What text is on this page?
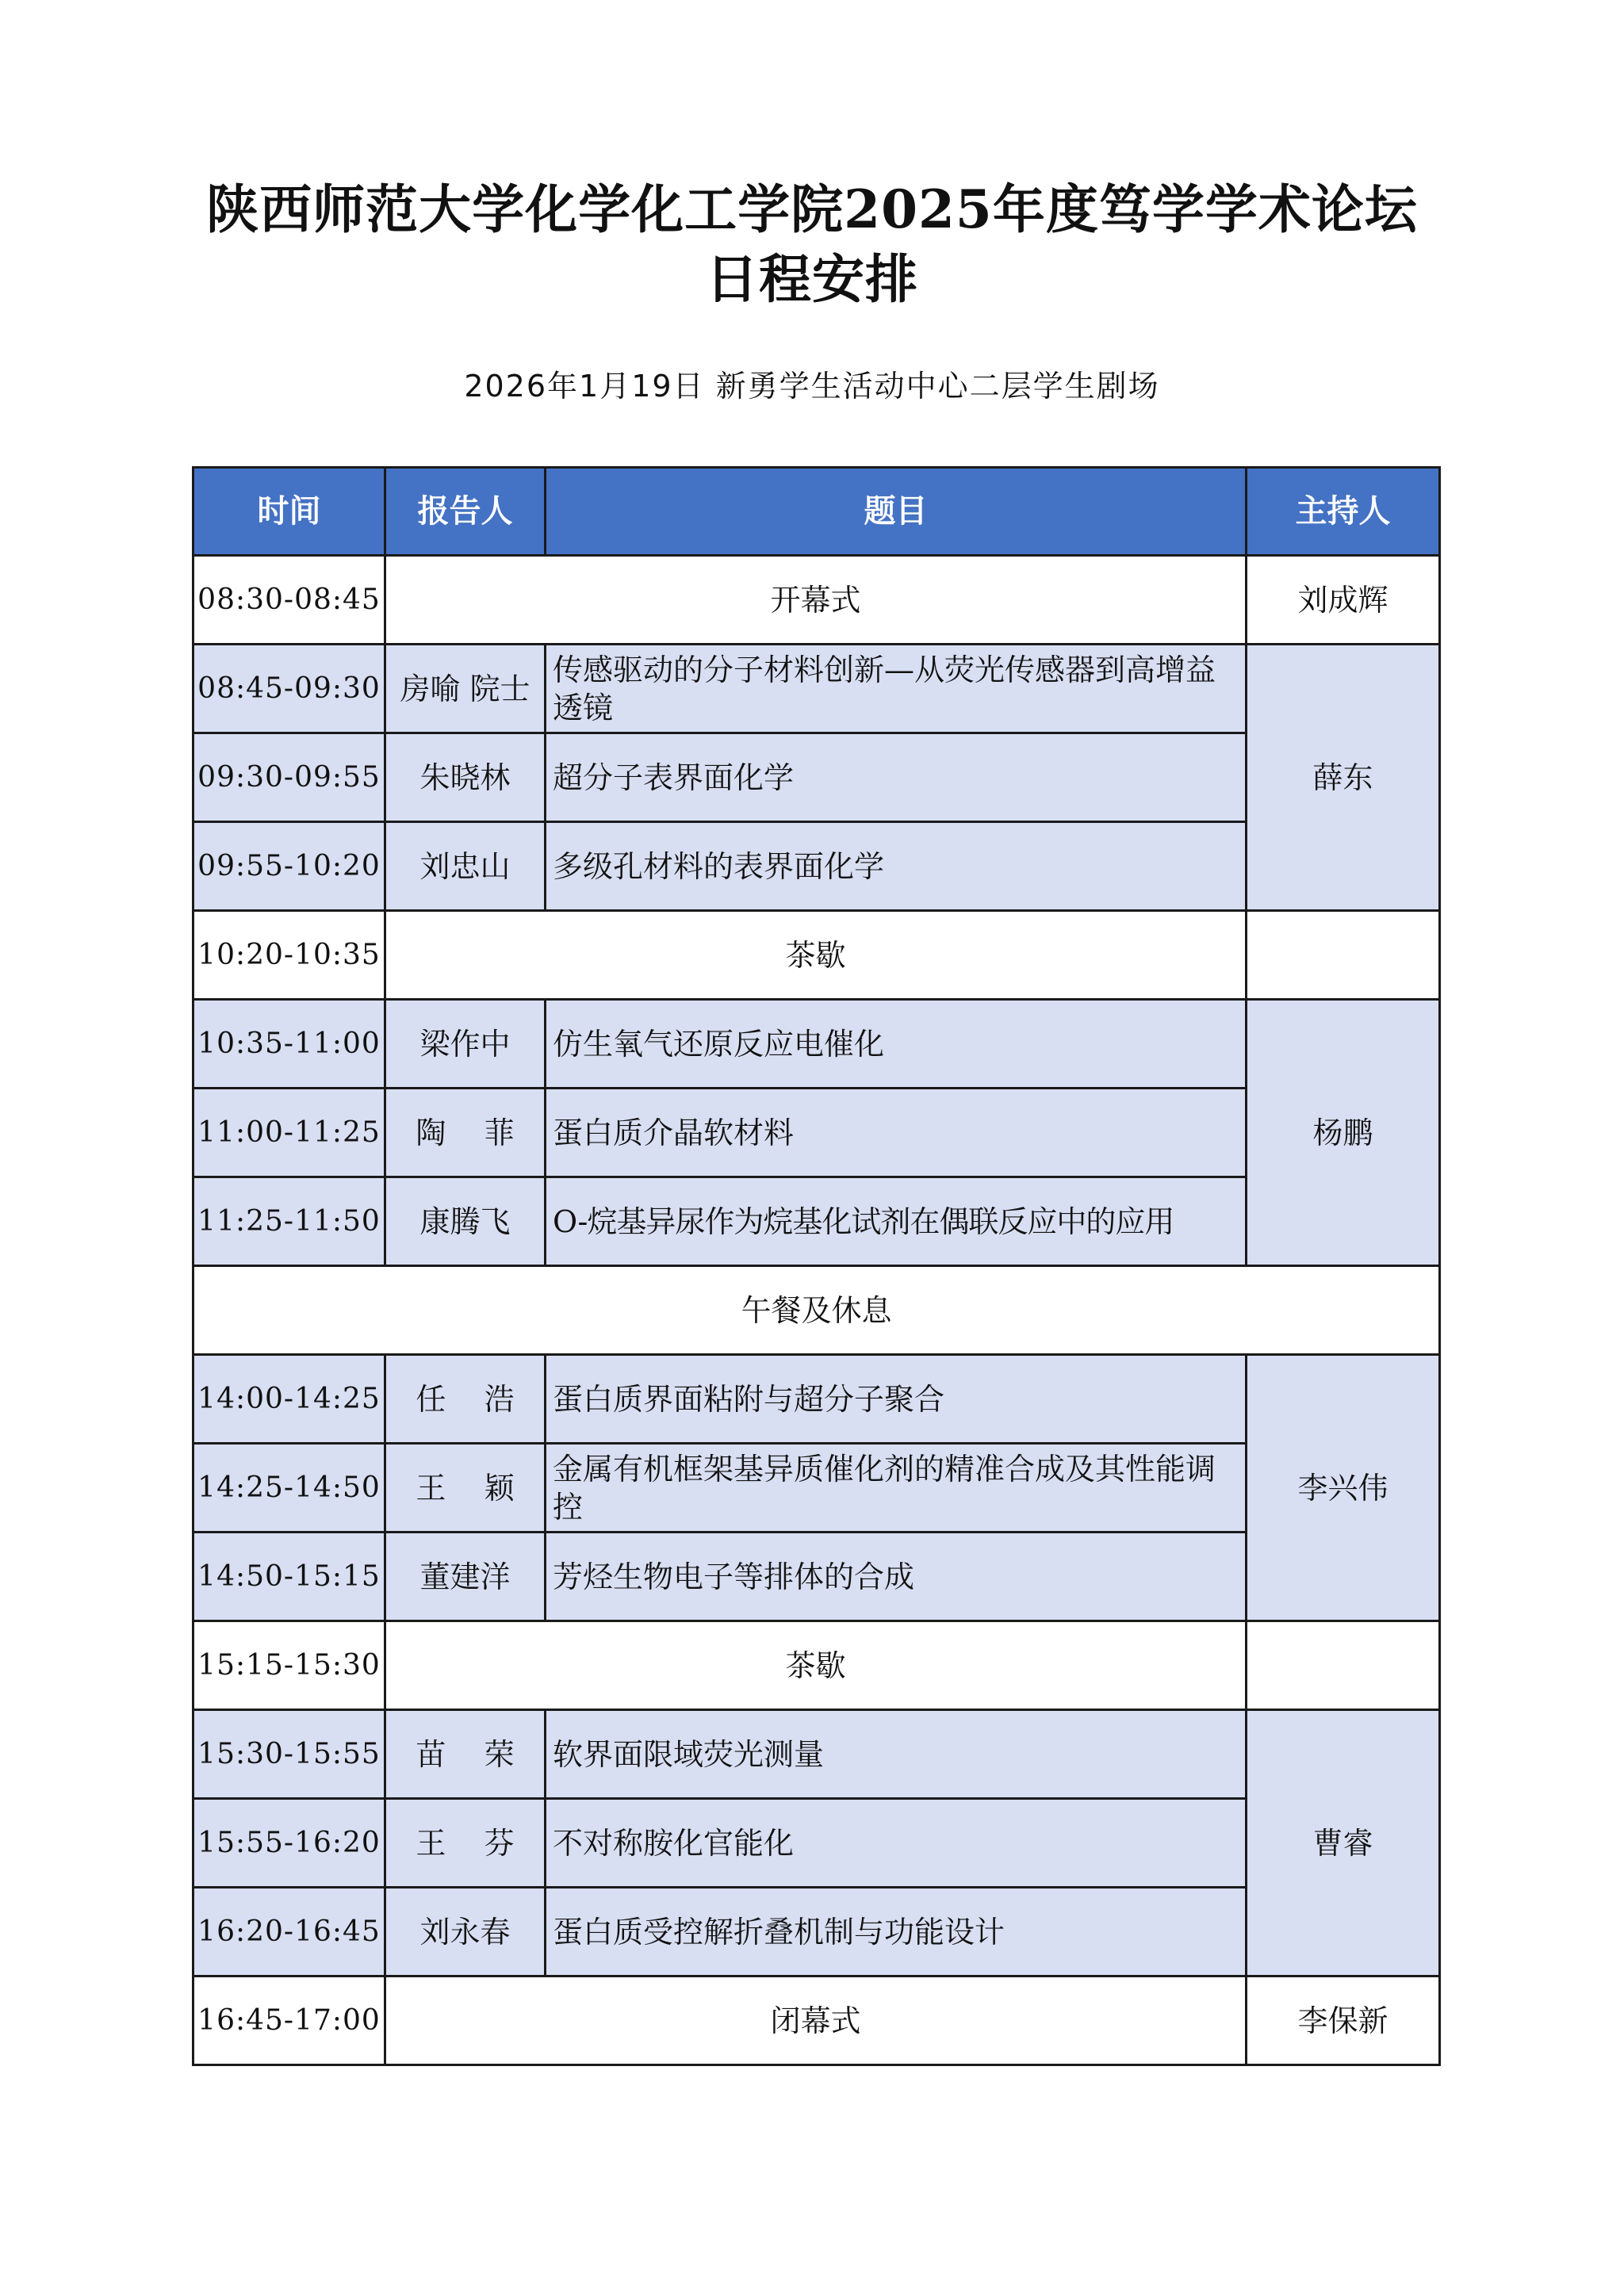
陕西师范大学化学化工学院2025年度笃学学术论坛
日程安排
2026年1月19日 新勇学生活动中心二层学生剧场
时间	报告人	题目	主持人
08:30-08:45	开幕式		刘成辉
08:45-09:30	房喻 院士	传感驱动的分子材料创新—从荧光传感器到高增益透镜	薛东
09:30-09:55	朱晓林	超分子表界面化学	
09:55-10:20	刘忠山	多级孔材料的表界面化学	
10:20-10:35	茶歇		
10:35-11:00	梁作中	仿生氧气还原反应电催化	杨鹏
11:00-11:25	陶    菲	蛋白质介晶软材料	
11:25-11:50	康腾飞	O-烷基异尿作为烷基化试剂在偶联反应中的应用	
午餐及休息			
14:00-14:25	任    浩	蛋白质界面粘附与超分子聚合	李兴伟
14:25-14:50	王    颖	金属有机框架基异质催化剂的精准合成及其性能调控	
14:50-15:15	董建洋	芳烃生物电子等排体的合成	
15:15-15:30	茶歇		
15:30-15:55	苗    荣	软界面限域荧光测量	曹睿
15:55-16:20	王    芬	不对称胺化官能化	
16:20-16:45	刘永春	蛋白质受控解折叠机制与功能设计	
16:45-17:00	闭幕式		李保新
